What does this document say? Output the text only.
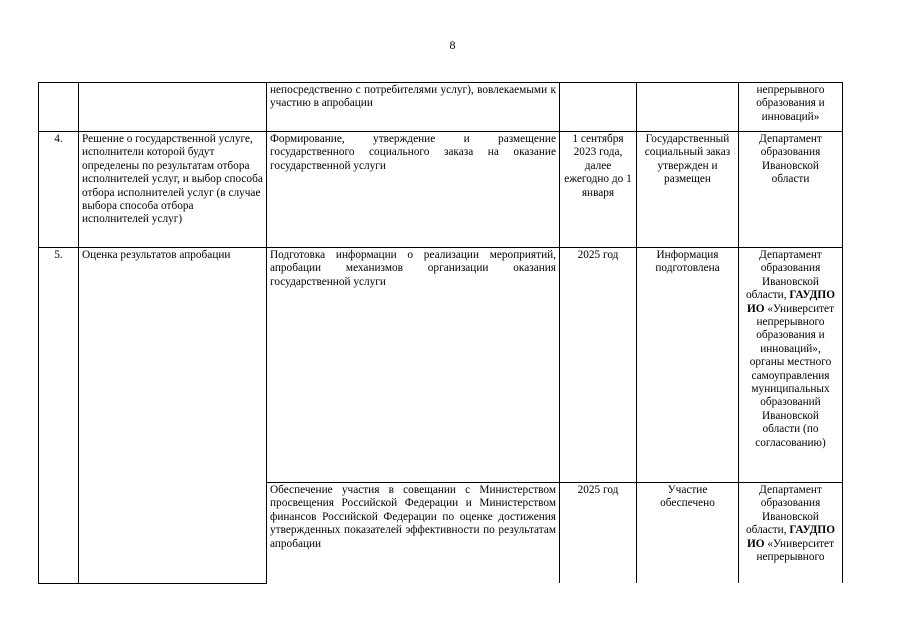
8
		непосредственно с потребителями услуг), вовлекаемыми к участию в апробации			непрерывного образования и инноваций»
4.	Решение о государственной услуге, исполнители которой будут определены по результатам отбора исполнителей услуг, и выбор способа отбора исполнителей услуг (в случае выбора способа отбора исполнителей услуг)	Формирование, утверждение и размещение государственного социального заказа на оказание государственной услуги	1 сентября 2023 года, далее ежегодно до 1 января	Государственный социальный заказ утвержден и размещен	Департамент образования Ивановской области
5.	Оценка результатов апробации	Подготовка информации о реализации мероприятий, апробации механизмов организации оказания государственной услуги	2025 год	Информация подготовлена	Департамент образования Ивановской области, ГАУДПО ИО «Университет непрерывного образования и инноваций», органы местного самоуправления муниципальных образований Ивановской области (по согласованию)
		Обеспечение участия в совещании с Министерством просвещения Российской Федерации и Министерством финансов Российской Федерации по оценке достижения утвержденных показателей эффективности по результатам апробации	2025 год	Участие обеспечено	Департамент образования Ивановской области, ГАУДПО ИО «Университет непрерывного
